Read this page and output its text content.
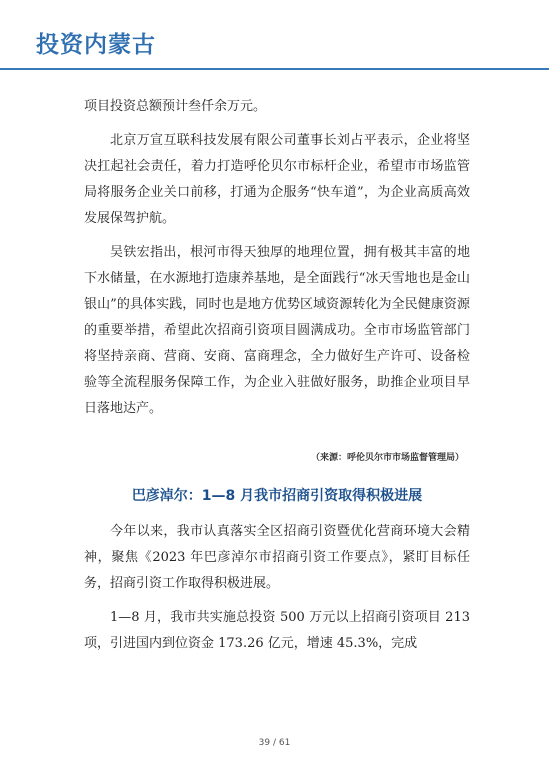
投资内蒙古

项目投资总额预计叁仟余万元。

北京万宣互联科技发展有限公司董事长刘占平表示，企业将坚决扛起社会责任，着力打造呼伦贝尔市标杆企业，希望市市场监管局将服务企业关口前移，打通为企服务“快车道”，为企业高质高效发展保驾护航。

吴铁宏指出，根河市得天独厚的地理位置，拥有极其丰富的地下水储量，在水源地打造康养基地，是全面践行“冰天雪地也是金山银山”的具体实践，同时也是地方优势区域资源转化为全民健康资源的重要举措，希望此次招商引资项目圆满成功。全市市场监管部门将坚持亲商、营商、安商、富商理念，全力做好生产许可、设备检验等全流程服务保障工作，为企业入驻做好服务，助推企业项目早日落地达产。

（来源：呼伦贝尔市市场监督管理局）
巴彦淖尔：1—8 月我市招商引资取得积极进展

今年以来，我市认真落实全区招商引资暨优化营商环境大会精神，聚焦《2023 年巴彦淖尔市招商引资工作要点》，紧盯目标任务，招商引资工作取得积极进展。

1—8 月，我市共实施总投资 500 万元以上招商引资项目 213 项，引进国内到位资金 173.26 亿元，增速 45.3%，完成

39 / 61
